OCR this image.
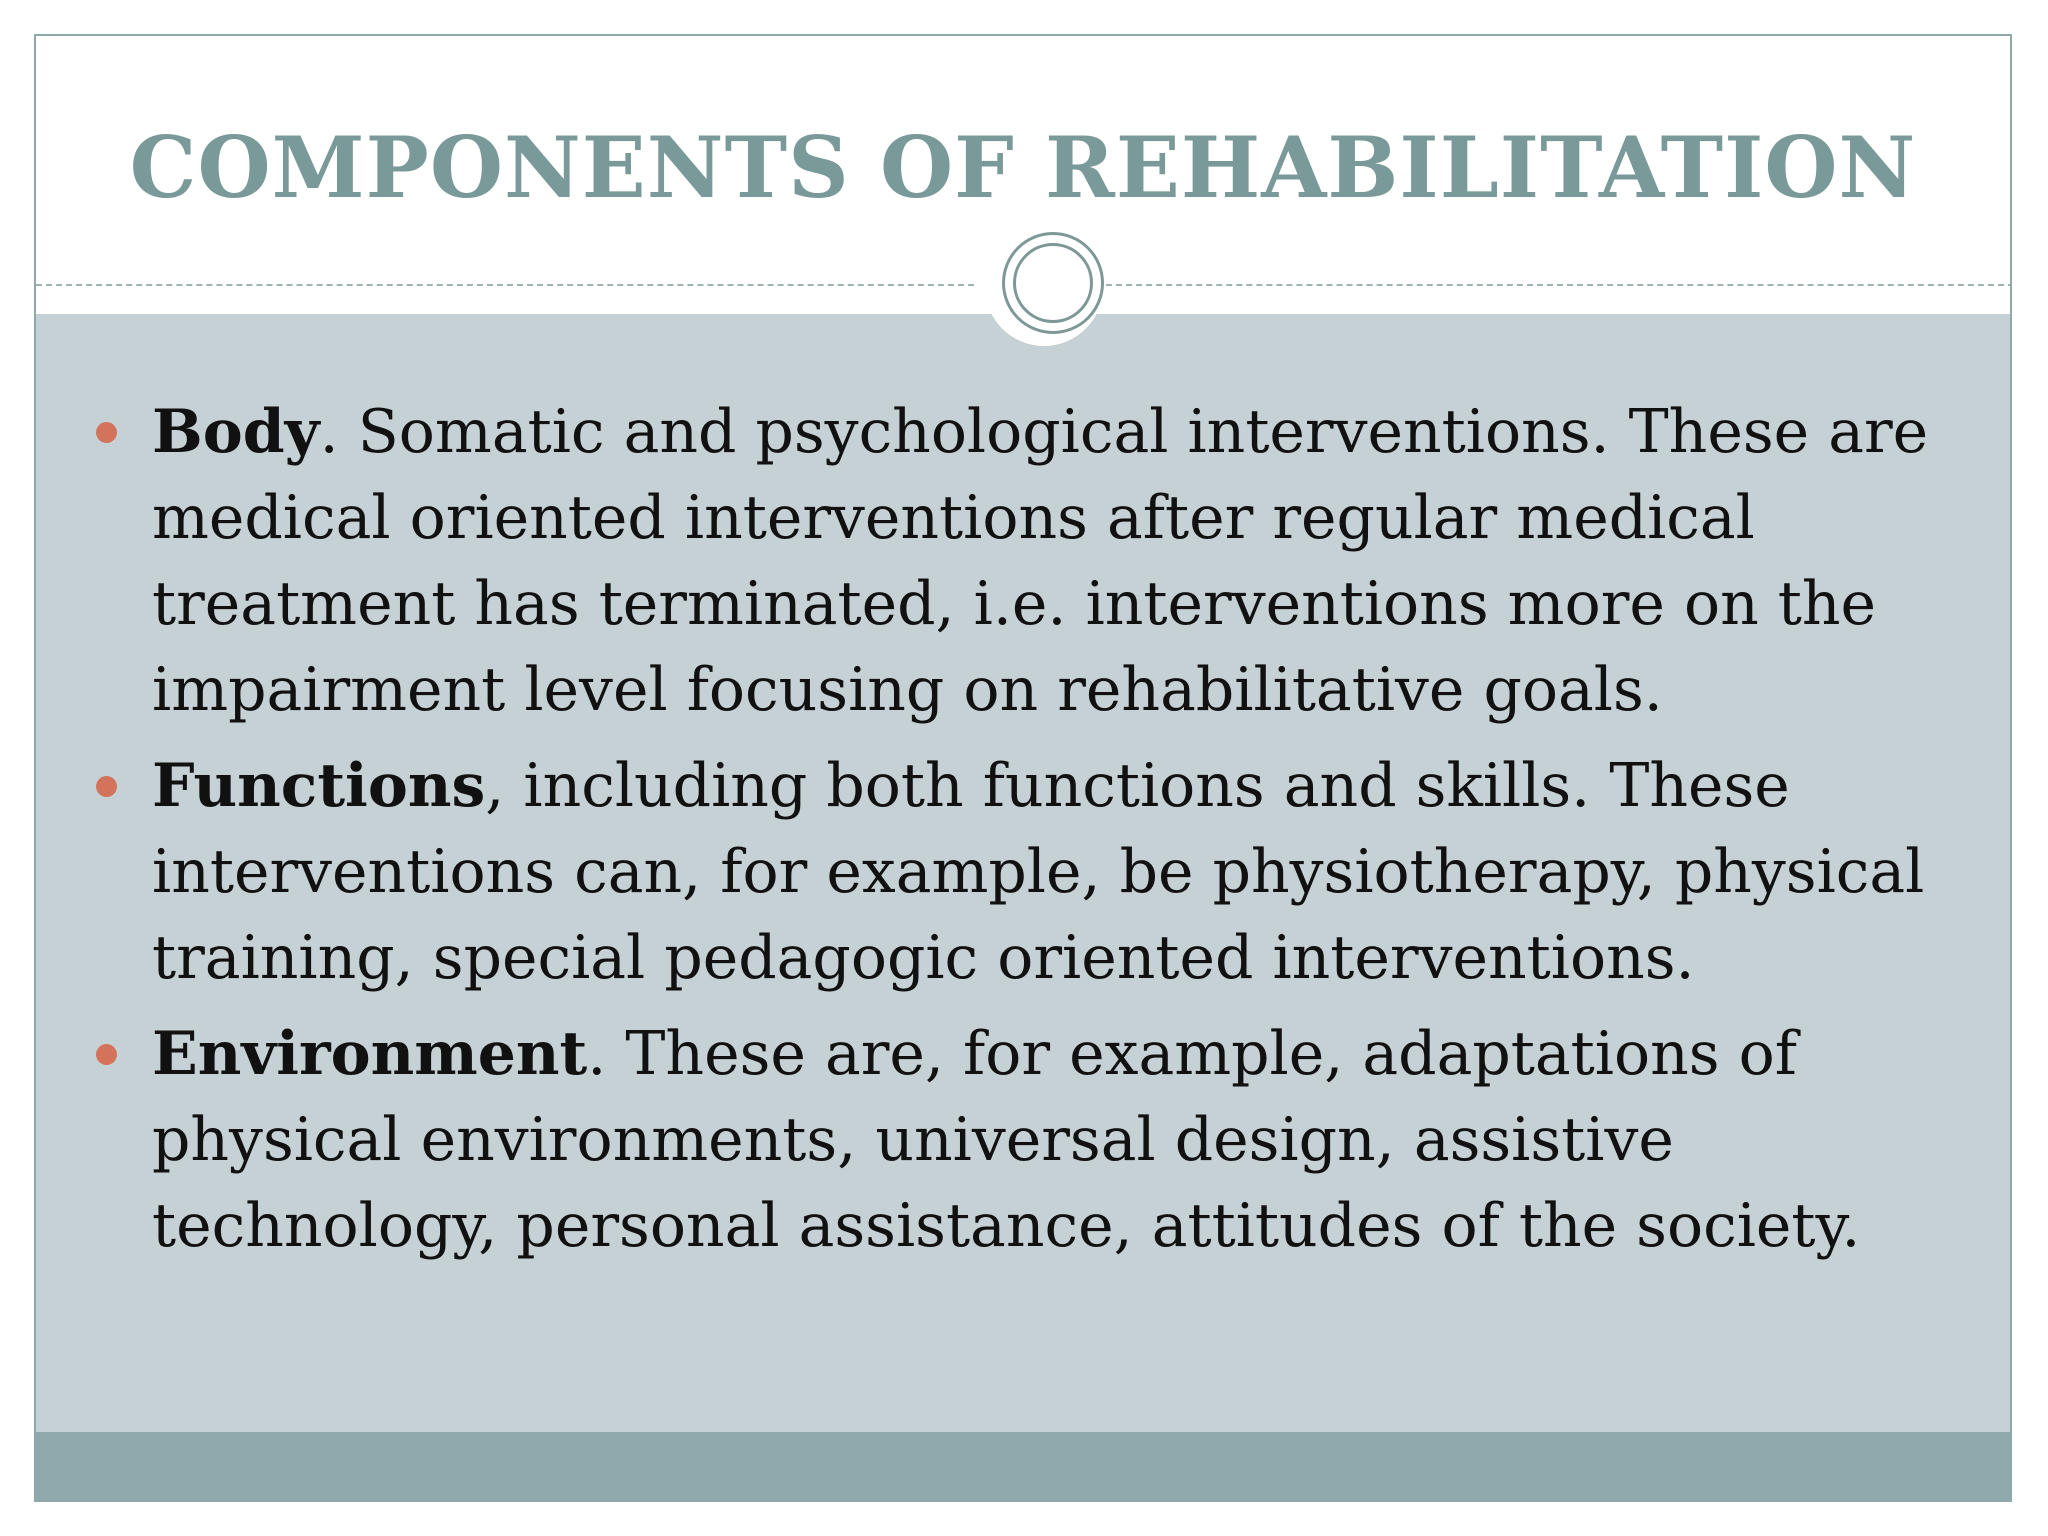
COMPONENTS OF REHABILITATION
Body. Somatic and psychological interventions. These are medical oriented interventions after regular medical treatment has terminated, i.e. interventions more on the impairment level focusing on rehabilitative goals.
Functions, including both functions and skills. These interventions can, for example, be physiotherapy, physical training, special pedagogic oriented interventions.
Environment. These are, for example, adaptations of physical environments, universal design, assistive technology, personal assistance, attitudes of the society.
